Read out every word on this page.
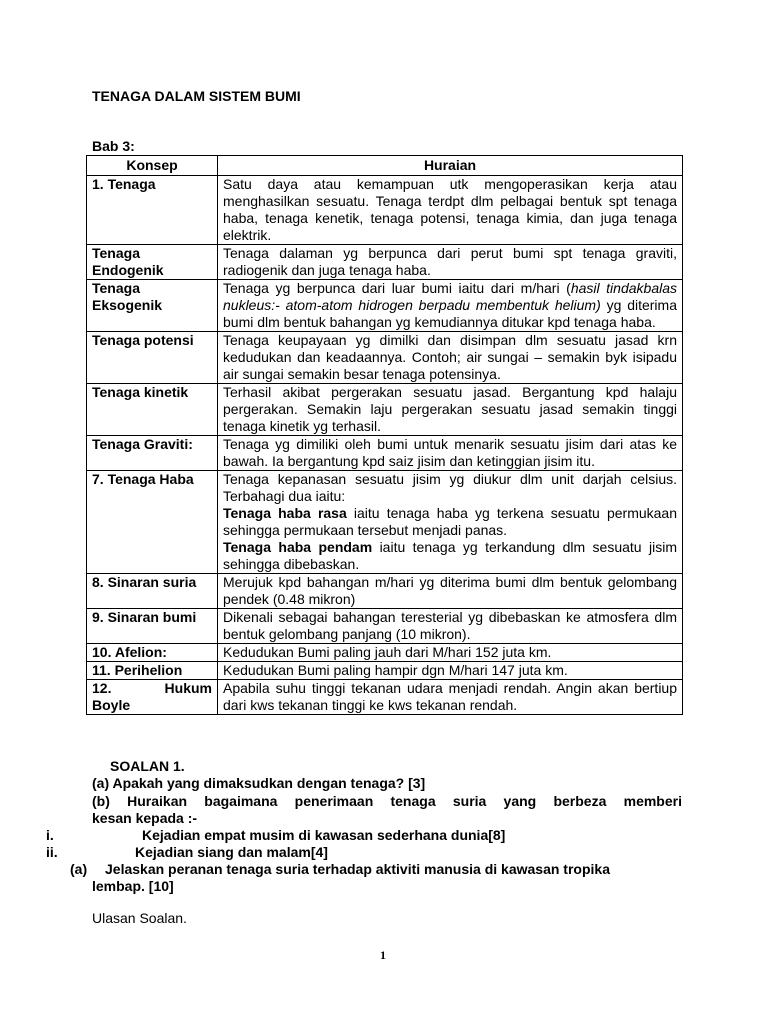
TENAGA DALAM SISTEM BUMI
Bab 3:
Konsep	Huraian
1. Tenaga	Satu daya atau kemampuan utk mengoperasikan kerja atau menghasilkan sesuatu. Tenaga terdpt dlm pelbagai bentuk spt tenaga haba, tenaga kenetik, tenaga potensi, tenaga kimia, dan juga tenaga elektrik.

Tenaga
Endogenik	Tenaga dalaman yg berpunca dari perut bumi spt tenaga graviti, radiogenik dan juga tenaga haba.

Tenaga
Eksogenik	Tenaga yg berpunca dari luar bumi iaitu dari m/hari (hasil tindakbalas nukleus:- atom-atom hidrogen berpadu membentuk helium) yg diterima bumi dlm bentuk bahangan yg kemudiannya ditukar kpd tenaga haba.
Tenaga potensi	Tenaga keupayaan yg dimilki dan disimpan dlm sesuatu jasad krn kedudukan dan keadaannya. Contoh; air sungai – semakin byk isipadu air sungai semakin besar tenaga potensinya.
Tenaga kinetik	Terhasil akibat pergerakan sesuatu jasad. Bergantung kpd halaju pergerakan. Semakin laju pergerakan sesuatu jasad semakin tinggi tenaga kinetik yg terhasil.
Tenaga Graviti:	Tenaga yg dimiliki oleh bumi untuk menarik sesuatu jisim dari atas ke bawah. Ia bergantung kpd saiz jisim dan ketinggian jisim itu.
7. Tenaga Haba	Tenaga kepanasan sesuatu jisim yg diukur dlm unit darjah celsius. Terbahagi dua iaitu:
Tenaga haba rasa iaitu tenaga haba yg terkena sesuatu permukaan sehingga permukaan tersebut menjadi panas.
Tenaga haba pendam iaitu tenaga yg terkandung dlm sesuatu jisim sehingga dibebaskan.

8. Sinaran suria	Merujuk kpd bahangan m/hari yg diterima bumi dlm bentuk gelombang pendek (0.48 mikron)
9. Sinaran bumi	Dikenali sebagai bahangan teresterial yg dibebaskan ke atmosfera dlm bentuk gelombang panjang (10 mikron).
10. Afelion:	Kedudukan Bumi paling jauh dari M/hari 152 juta km.
11. Perihelion	Kedudukan Bumi paling hampir dgn M/hari 147 juta km.

12. Hukum
Boyle	Apabila suhu tinggi tekanan udara menjadi rendah. Angin akan bertiup dari kws tekanan tinggi ke kws tekanan rendah.
SOALAN 1.
(a) Apakah yang dimaksudkan dengan tenaga? [3]
(b) Huraikan bagaimana penerimaan tenaga suria yang berbeza memberi
kesan kepada :-
i.	Kejadian empat musim di kawasan sederhana dunia[8]
ii.	Kejadian siang dan malam[4]
(a) Jelaskan peranan tenaga suria terhadap aktiviti manusia di kawasan tropika
lembap. [10]
Ulasan Soalan.
1
